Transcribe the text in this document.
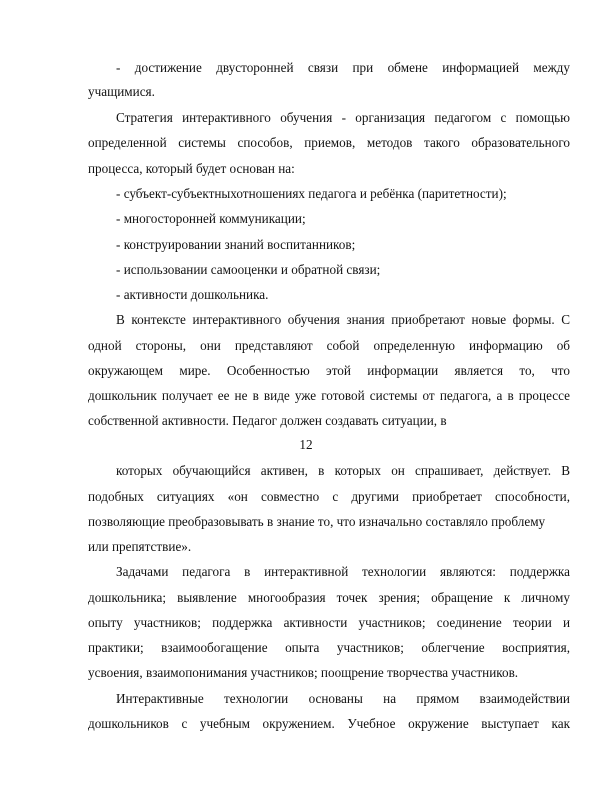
- достижение двусторонней связи при обмене информацией между
учащимися.
Стратегия интерактивного обучения - организация педагогом с помощью
определенной системы способов, приемов, методов такого образовательного
процесса, который будет основан на:
- субъект-субъектныхотношениях педагога и ребёнка (паритетности);
- многосторонней коммуникации;
- конструировании знаний воспитанников;
- использовании самооценки и обратной связи;
- активности дошкольника.
В контексте интерактивного обучения знания приобретают новые формы. С
одной стороны, они представляют собой определенную информацию об
окружающем мире. Особенностью этой информации является то, что
дошкольник получает ее не в виде уже готовой системы от педагога, а в процессе
собственной активности. Педагог должен создавать ситуации, в
12
которых обучающийся активен, в которых он спрашивает, действует. В
подобных ситуациях «он совместно с другими приобретает способности,
позволяющие преобразовывать в знание то, что изначально составляло проблему
или препятствие».
Задачами педагога в интерактивной технологии являются: поддержка
дошкольника; выявление многообразия точек зрения; обращение к личному
опыту участников; поддержка активности участников; соединение теории и
практики; взаимообогащение опыта участников; облегчение восприятия,
усвоения, взаимопонимания участников; поощрение творчества участников.
Интерактивные технологии основаны на прямом взаимодействии
дошкольников с учебным окружением. Учебное окружение выступает как
